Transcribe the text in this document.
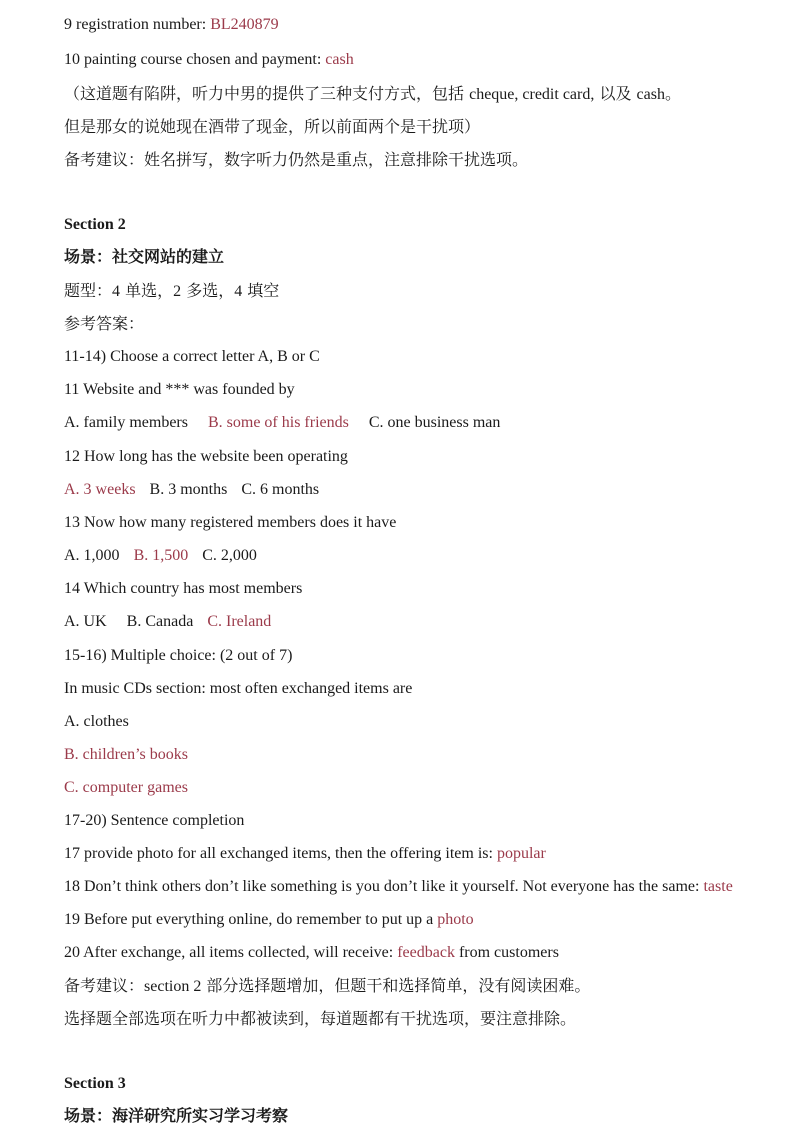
9 registration number: BL240879
10 painting course chosen and payment: cash
（这道题有陷阱，听力中男的提供了三种支付方式，包括 cheque, credit card, 以及 cash。
但是那女的说她现在酒带了现金，所以前面两个是干扰项）
备考建议：姓名拼写，数字听力仍然是重点，注意排除干扰选项。
Section 2
场景：社交网站的建立
题型：4 单选，2 多选，4 填空
参考答案：
11-14) Choose a correct letter A, B or C
11 Website and *** was founded by
A. family members B. some of his friends C. one business man
12 How long has the website been operating
A. 3 weeks B. 3 months C. 6 months
13 Now how many registered members does it have
A. 1,000 B. 1,500 C. 2,000
14 Which country has most members
A. UK B. Canada C. Ireland
15-16) Multiple choice: (2 out of 7)
In music CDs section: most often exchanged items are
A. clothes
B. children’s books
C. computer games
17-20) Sentence completion
17 provide photo for all exchanged items, then the offering item is: popular
18 Don’t think others don’t like something is you don’t like it yourself. Not everyone has the same: taste
19 Before put everything online, do remember to put up a photo
20 After exchange, all items collected, will receive: feedback from customers
备考建议：section 2 部分选择题增加，但题干和选择简单，没有阅读困难。
选择题全部选项在听力中都被读到，每道题都有干扰选项，要注意排除。
Section 3
场景：海洋研究所实习学习考察
